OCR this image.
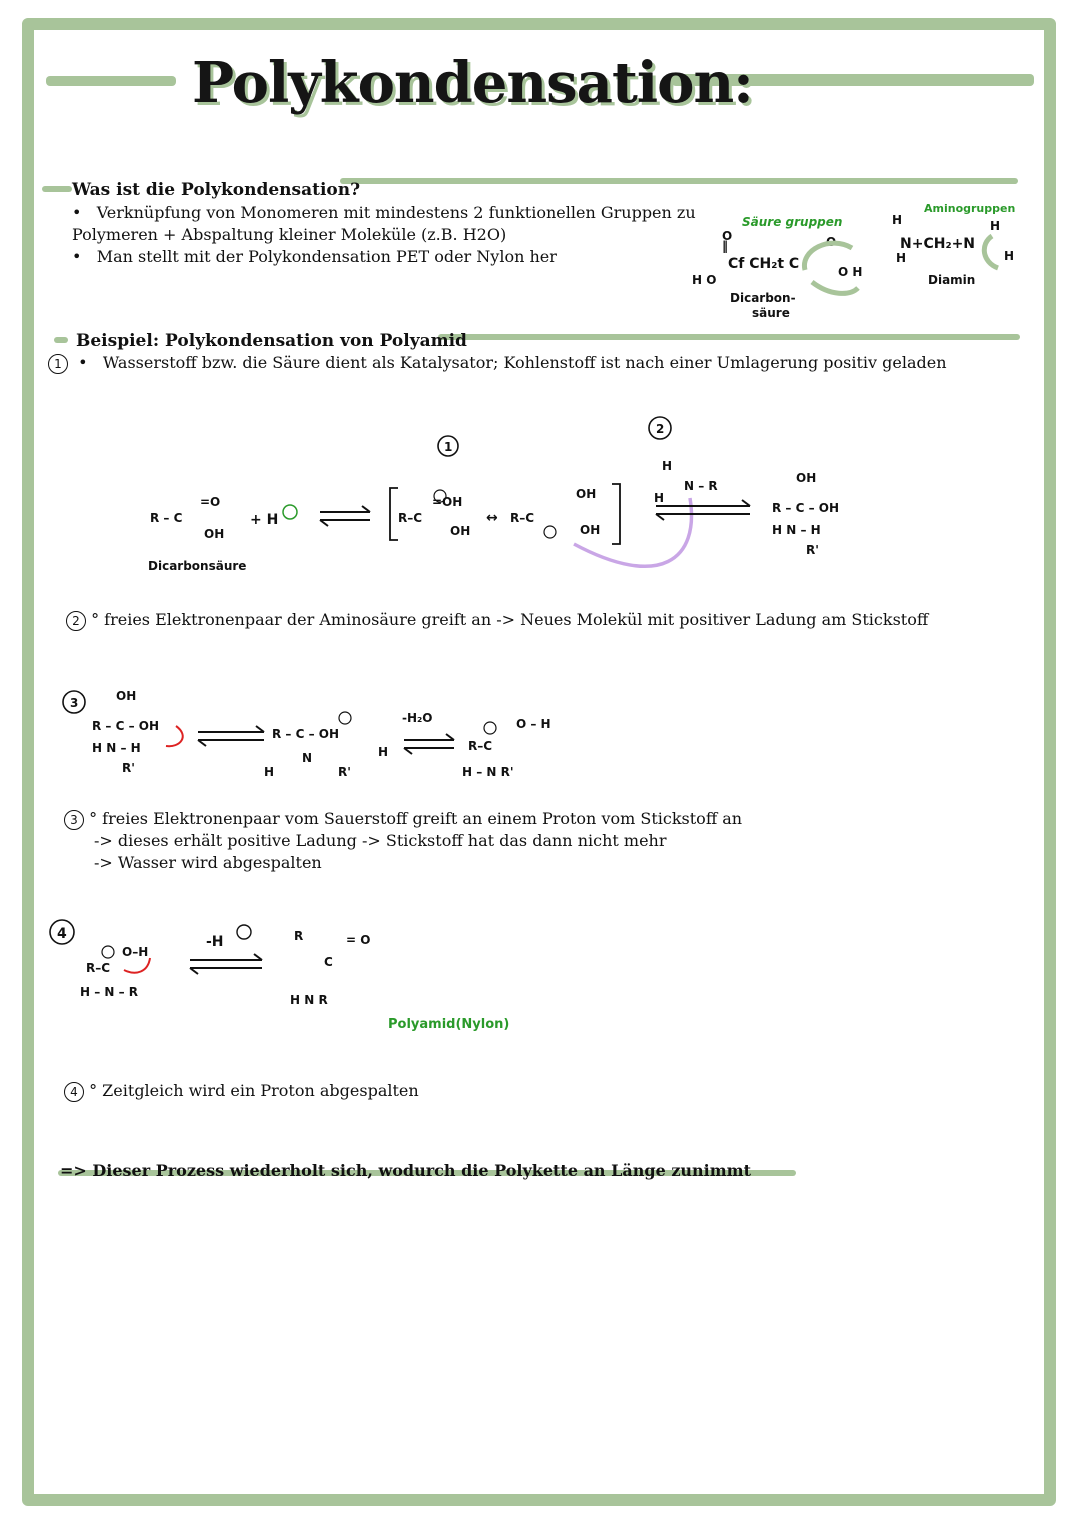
Polykondensation:
Was ist die Polykondensation?
•   Verknüpfung von Monomeren mit mindestens 2 funktionellen Gruppen zu
Polymeren + Abspaltung kleiner Moleküle (z.B. H2O)
•   Man stellt mit der Polykondensation PET oder Nylon her
Beispiel: Polykondensation von Polyamid
1  •   Wasserstoff bzw. die Säure dient als Katalysator; Kohlenstoff ist nach einer Umlagerung positiv geladen
2 ° freies Elektronenpaar der Aminosäure greift an -> Neues Molekül mit positiver Ladung am Stickstoff
3 ° freies Elektronenpaar vom Sauerstoff greift an einem Proton vom Stickstoff an
-> dieses erhält positive Ladung -> Stickstoff hat das dann nicht mehr
-> Wasser wird abgespalten
4 ° Zeitgleich wird ein Proton abgespalten
=> Dieser Prozess wiederholt sich, wodurch die Polykette an Länge zunimmt
H O
O
‖
Cf CH₂t C	O H
O
Säure gruppen
Dicarbon-
säure
H
H
N+CH₂+N
H
H
Aminogruppen
Diamin
1
2
R – C
=O
OH
+ H
Dicarbonsäure
R–C
=OH
OH
↔ R–C
OH
OH
H
H
N – R
OH
R – C – OH
H N – H
R'
3	OH
R – C – OH
H N – H
R'
R – C – OH
H
N
H	R'
-H₂O	O – H
R–C
H – N R'
4
O–H
R–C
H – N – R
-H	R	= O
C
H N R
Polyamid(Nylon)
